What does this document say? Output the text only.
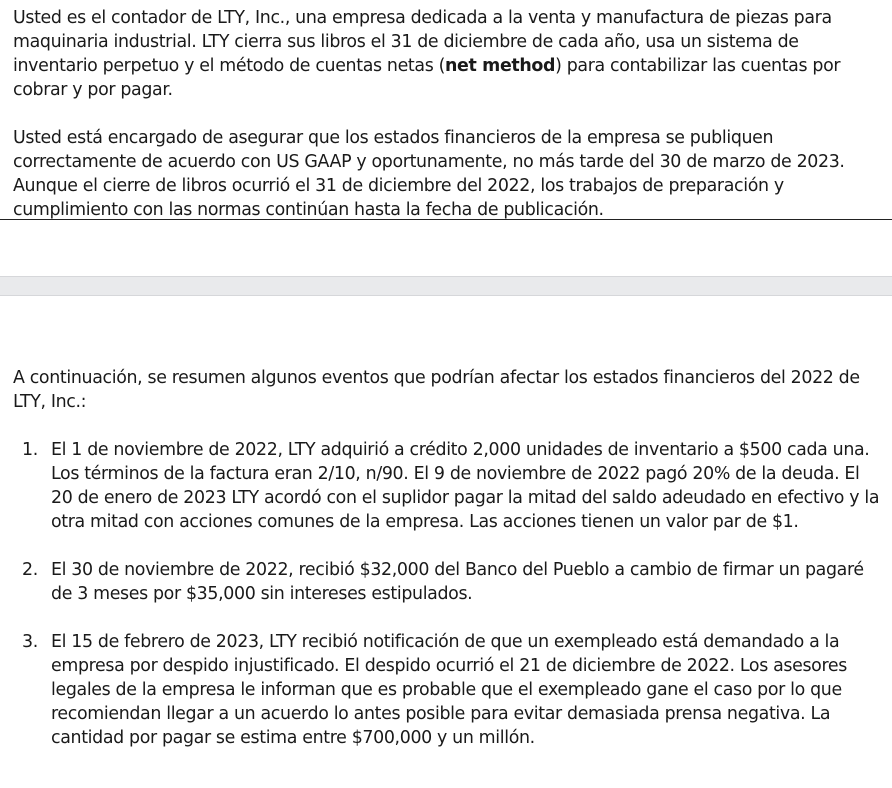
Usted es el contador de LTY, Inc., una empresa dedicada a la venta y manufactura de piezas para maquinaria industrial. LTY cierra sus libros el 31 de diciembre de cada año, usa un sistema de inventario perpetuo y el método de cuentas netas (net method) para contabilizar las cuentas por cobrar y por pagar.

Usted está encargado de asegurar que los estados financieros de la empresa se publiquen correctamente de acuerdo con US GAAP y oportunamente, no más tarde del 30 de marzo de 2023. Aunque el cierre de libros ocurrió el 31 de diciembre del 2022, los trabajos de preparación y cumplimiento con las normas continúan hasta la fecha de publicación.

A continuación, se resumen algunos eventos que podrían afectar los estados financieros del 2022 de LTY, Inc.:

1. El 1 de noviembre de 2022, LTY adquirió a crédito 2,000 unidades de inventario a $500 cada una. Los términos de la factura eran 2/10, n/90. El 9 de noviembre de 2022 pagó 20% de la deuda. El 20 de enero de 2023 LTY acordó con el suplidor pagar la mitad del saldo adeudado en efectivo y la otra mitad con acciones comunes de la empresa. Las acciones tienen un valor par de $1.
2. El 30 de noviembre de 2022, recibió $32,000 del Banco del Pueblo a cambio de firmar un pagaré de 3 meses por $35,000 sin intereses estipulados.
3. El 15 de febrero de 2023, LTY recibió notificación de que un exempleado está demandado a la empresa por despido injustificado. El despido ocurrió el 21 de diciembre de 2022. Los asesores legales de la empresa le informan que es probable que el exempleado gane el caso por lo que recomiendan llegar a un acuerdo lo antes posible para evitar demasiada prensa negativa. La cantidad por pagar se estima entre $700,000 y un millón.
